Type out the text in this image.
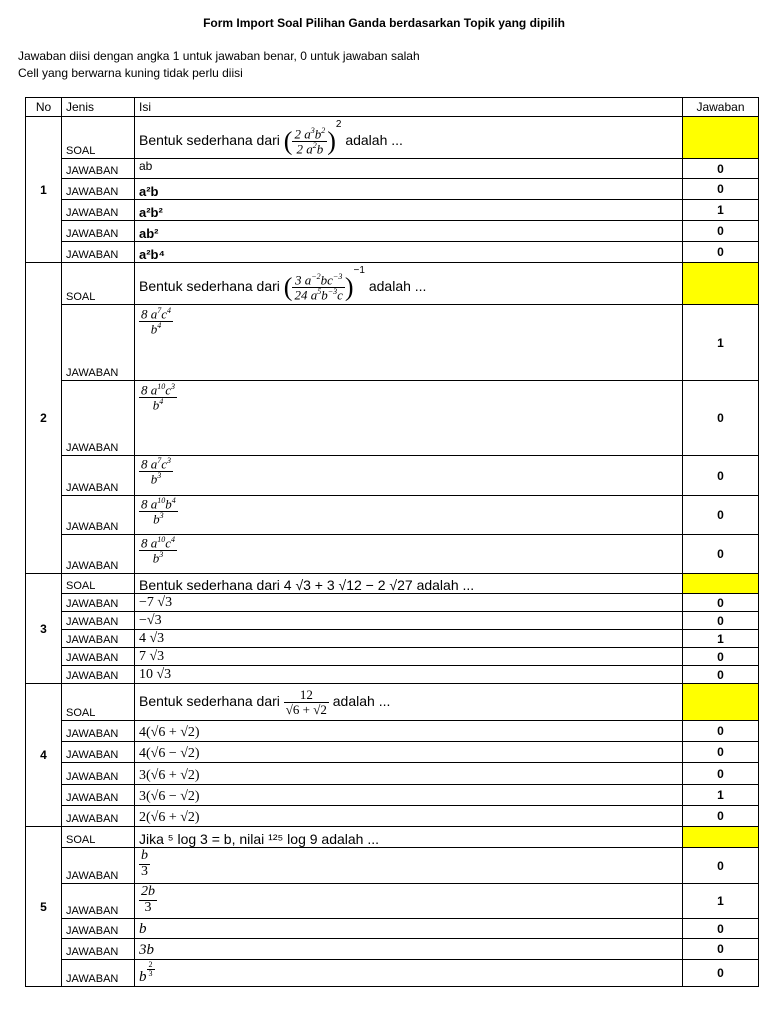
Form Import Soal Pilihan Ganda berdasarkan Topik yang dipilih
Jawaban diisi dengan angka 1 untuk jawaban benar, 0 untuk jawaban salah
Cell yang berwarna kuning tidak perlu diisi
No	Jenis	Isi	Jawaban
1	SOAL	Bentuk sederhana dari ( $\frac{2 a^3b^2}{2 a^2b} )^2$ adalah ...	
	JAWABAN	ab	0
	JAWABAN	a²b	0
	JAWABAN	a²b²	1
	JAWABAN	ab²	0
	JAWABAN	a²b⁴	0
2	SOAL	Bentuk sederhana dari ( $\frac{3 a^{-2}bc^{-3}}{24 a^5b^{-3}c} )^{-1}$ adalah ...	
	JAWABAN	$\frac{8 a^7c^4}{b^4}$	1
	JAWABAN	$\frac{8 a^{10}c^3}{b^4}$	0
	JAWABAN	$\frac{8 a^7c^3}{b^3}$	0
	JAWABAN	$\frac{8 a^{10}b^4}{b^3}$	0
	JAWABAN	$\frac{8 a^{10}c^4}{b^3}$	0
3	SOAL	Bentuk sederhana dari 4 √3 + 3 √12 − 2 √27 adalah ...	
	JAWABAN	−7 √3	0
	JAWABAN	−√3	0
	JAWABAN	4 √3	1
	JAWABAN	7 √3	0
	JAWABAN	10 √3	0
4	SOAL	Bentuk sederhana dari $\frac{12}{√6 + √2}$ adalah ...	
	JAWABAN	4(√6 + √2)	0
	JAWABAN	4(√6 − √2)	0
	JAWABAN	3(√6 + √2)	0
	JAWABAN	3(√6 − √2)	1
	JAWABAN	2(√6 + √2)	0
5	SOAL	Jika ⁵ log 3 = b, nilai ¹²⁵ log 9 adalah ...	
	JAWABAN	$\frac{b}{3}$	0
	JAWABAN	$\frac{2b}{3}$	1
	JAWABAN	b	0
	JAWABAN	3b	0
	JAWABAN	b $^{\frac{2}{3}}$	0
